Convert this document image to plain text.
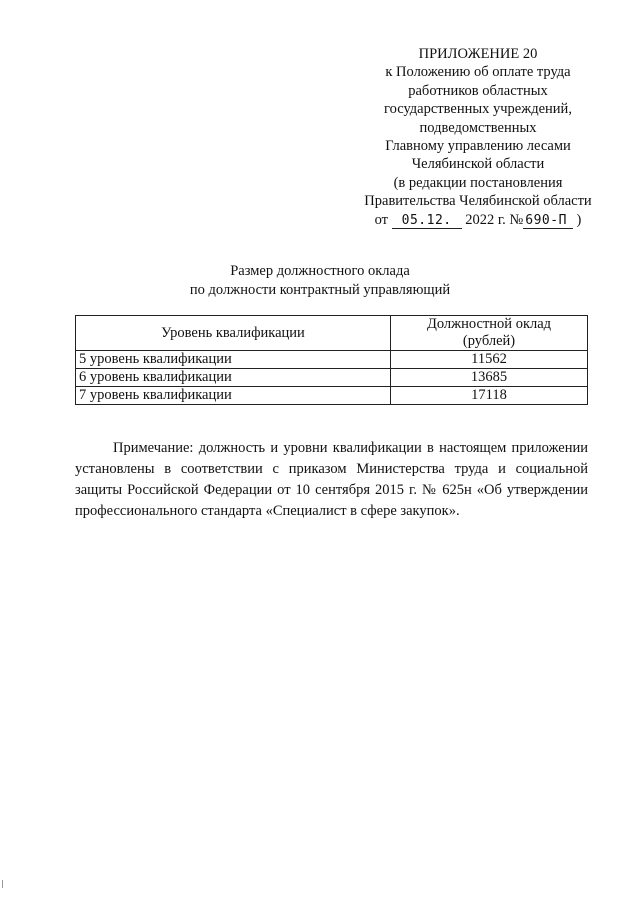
ПРИЛОЖЕНИЕ 20
к Положению об оплате труда
работников областных
государственных учреждений,
подведомственных
Главному управлению лесами
Челябинской области
(в редакции постановления
Правительства Челябинской области
от 05.12. 2022 г. № 690-П )
Размер должностного оклада
по должности контрактный управляющий
Уровень квалификации	Должностной оклад
(рублей)

5 уровень квалификации	11562
6 уровень квалификации	13685
7 уровень квалификации	17118

Примечание: должность и уровни квалификации в настоящем приложении установлены в соответствии с приказом Министерства труда и социальной защиты Российской Федерации от 10 сентября 2015 г. № 625н «Об утверждении профессионального стандарта «Специалист в сфере закупок».
